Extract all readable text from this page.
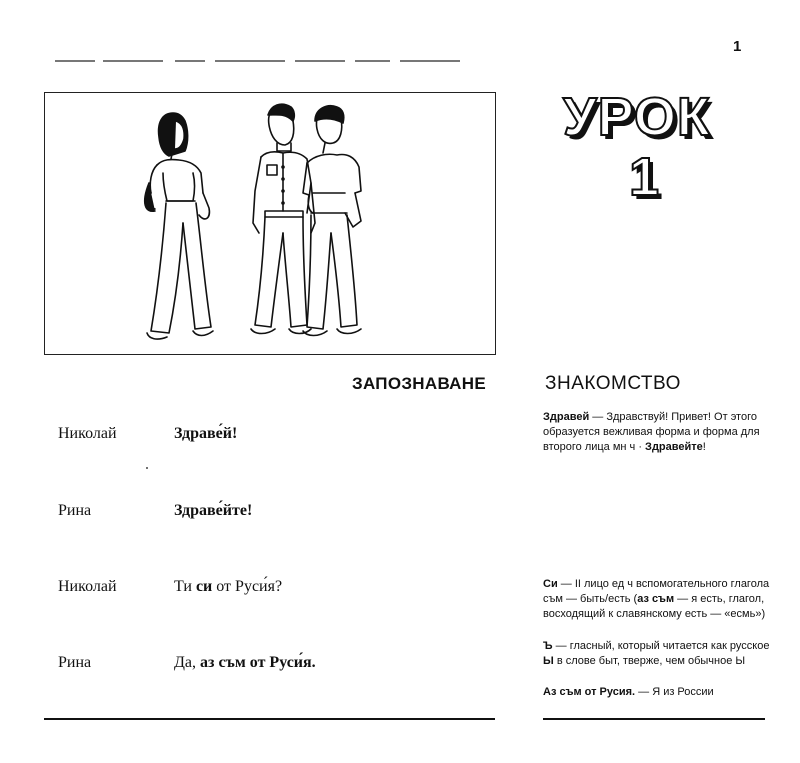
1
УРОК
1
ЗАПОЗНАВАНЕ	ЗНАКОМСТВО
Николай	Здраве́й!
Рина	Здраве́йте!
Николай	Ти си от Руси́я?
Рина	Да, аз съм от Руси́я.
Здравей — Здравствуй! Привет! От этого образуется вежливая форма и форма для второго лица мн ч · Здравейте!
Си — II лицо ед ч вспомогательного глагола съм — быть/есть (аз съм — я есть, глагол, восходящий к славянскому есть — «есмь»)
Ъ — гласный, который читается как русское Ы в слове быт, тверже, чем обычное Ы
Аз съм от Русия. — Я из России
